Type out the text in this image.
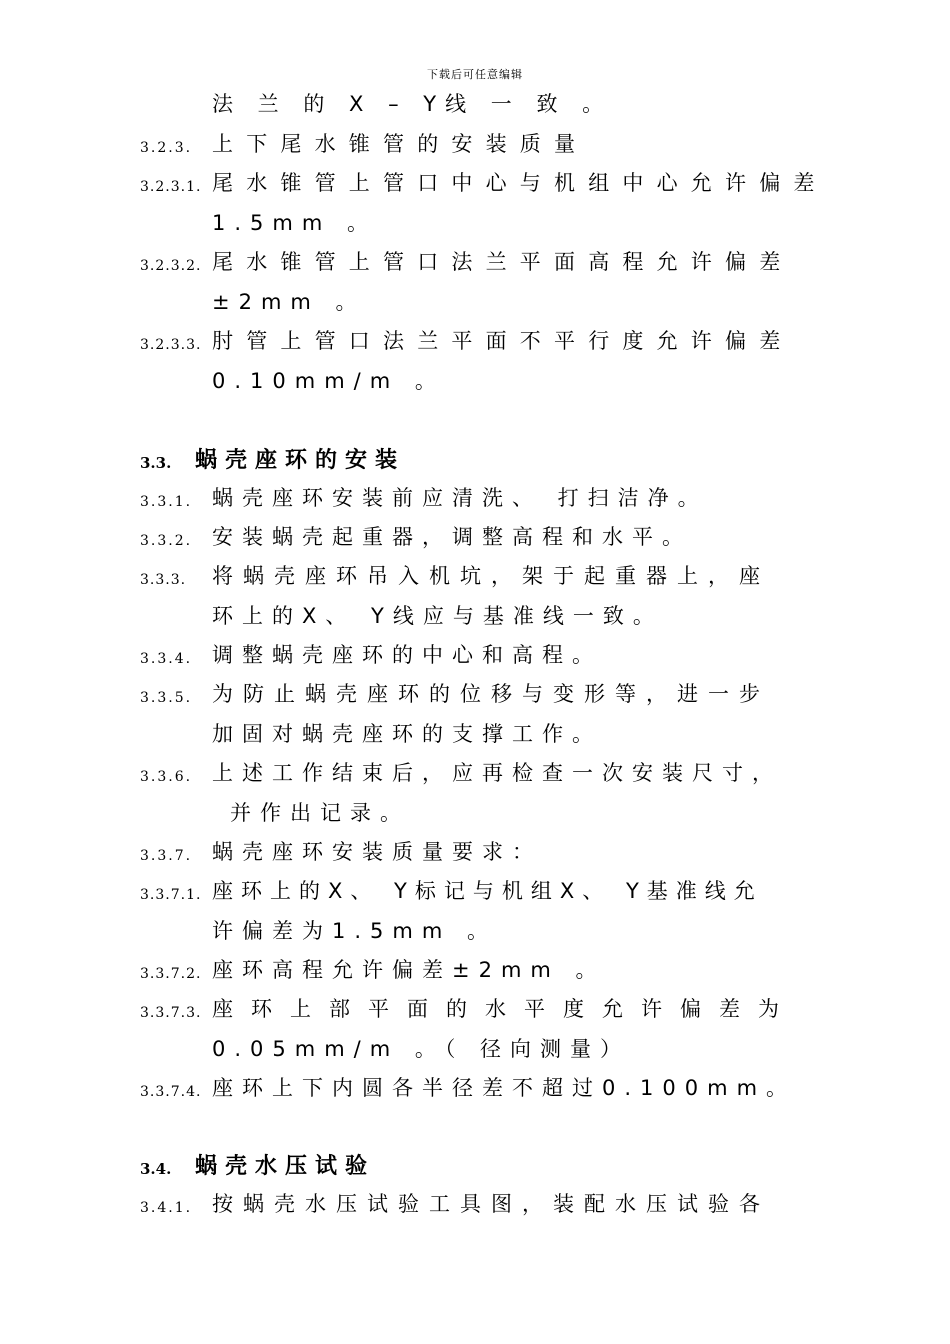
下载后可任意编辑
法 兰 的 X – Y线 一 致 。
3.2.3. 上下尾水锥管的安装质量
3.2.3.1. 尾水锥管上管口中心与机组中心允许偏差
1.5mm 。
3.2.3.2. 尾水锥管上管口法兰平面高程允许偏差
±2mm 。
3.2.3.3. 肘管上管口法兰平面不平行度允许偏差
0.10mm/m 。
3.3. 蜗壳座环的安装
3.3.1. 蜗壳座环安装前应清洗、 打扫洁净。
3.3.2. 安装蜗壳起重器，调整高程和水平。
3.3.3. 将蜗壳座环吊入机坑，架于起重器上，座
环上的X、 Y线应与基准线一致。
3.3.4. 调整蜗壳座环的中心和高程。
3.3.5. 为防止蜗壳座环的位移与变形等，进一步
加固对蜗壳座环的支撑工作。
3.3.6. 上述工作结束后，应再检查一次安装尺寸，
并作出记录。
3.3.7. 蜗壳座环安装质量要求：
3.3.7.1. 座环上的X、 Y标记与机组X、 Y基准线允
许偏差为1.5mm 。
3.3.7.2. 座环高程允许偏差±2mm 。
3.3.7.3. 座环上部平面的水平度允许偏差为
0.05mm/m 。（ 径向测量）
3.3.7.4. 座环上下内圆各半径差不超过0.100mm。
3.4. 蜗壳水压试验
3.4.1. 按蜗壳水压试验工具图，装配水压试验各
